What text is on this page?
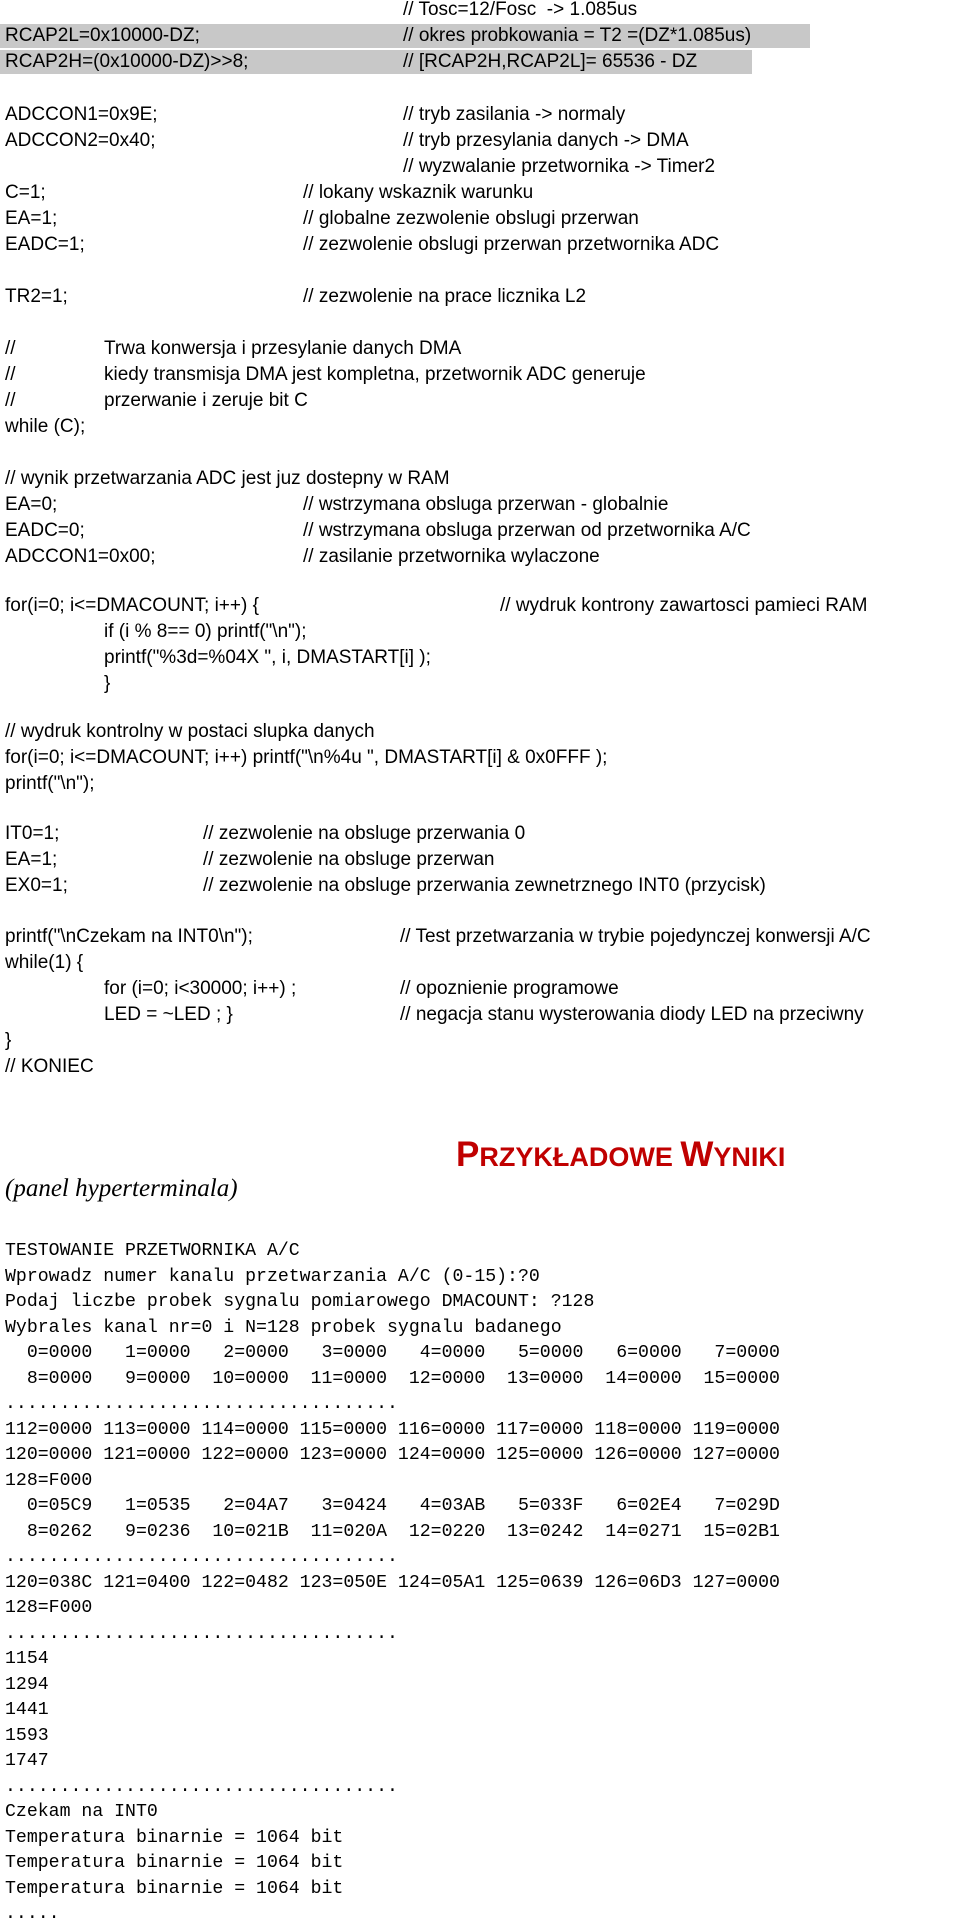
// Tosc=12/Fosc  -> 1.085us
RCAP2L=0x10000-DZ;	// okres probkowania = T2 =(DZ*1.085us)
RCAP2H=(0x10000-DZ)>>8;	// [RCAP2H,RCAP2L]= 65536 - DZ
ADCCON1=0x9E;	// tryb zasilania -> normaly
ADCCON2=0x40;	// tryb przesylania danych -> DMA
// wyzwalanie przetwornika -> Timer2
C=1;	// lokany wskaznik warunku
EA=1;	// globalne zezwolenie obslugi przerwan
EADC=1;	// zezwolenie obslugi przerwan przetwornika ADC
TR2=1;	// zezwolenie na prace licznika L2
//	Trwa konwersja i przesylanie danych DMA
//	kiedy transmisja DMA jest kompletna, przetwornik ADC generuje
//	przerwanie i zeruje bit C
while (C);
// wynik przetwarzania ADC jest juz dostepny w RAM
EA=0;	// wstrzymana obsluga przerwan - globalnie
EADC=0;	// wstrzymana obsluga przerwan od przetwornika A/C
ADCCON1=0x00;	// zasilanie przetwornika wylaczone
for(i=0; i<=DMACOUNT; i++) {	// wydruk kontrony zawartosci pamieci RAM
if (i % 8== 0) printf("\n");
printf("%3d=%04X ", i, DMASTART[i] );
}
// wydruk kontrolny w postaci slupka danych
for(i=0; i<=DMACOUNT; i++) printf("\n%4u ", DMASTART[i] & 0x0FFF );
printf("\n");
IT0=1;	// zezwolenie na obsluge przerwania 0
EA=1;	// zezwolenie na obsluge przerwan
EX0=1;	// zezwolenie na obsluge przerwania zewnetrznego INT0 (przycisk)
printf("\nCzekam na INT0\n");	// Test przetwarzania w trybie pojedynczej konwersji A/C
while(1) {
for (i=0; i<30000; i++) ;	// opoznienie programowe
LED = ~LED ; }	// negacja stanu wysterowania diody LED na przeciwny
}
// KONIEC
PRZYKŁADOWE WYNIKI
(panel hyperterminala)
TESTOWANIE PRZETWORNIKA A/C
Wprowadz numer kanalu przetwarzania A/C (0-15):?0
Podaj liczbe probek sygnalu pomiarowego DMACOUNT: ?128
Wybrales kanal nr=0 i N=128 probek sygnalu badanego
0=0000   1=0000   2=0000   3=0000   4=0000   5=0000   6=0000   7=0000
8=0000   9=0000  10=0000  11=0000  12=0000  13=0000  14=0000  15=0000
....................................
112=0000 113=0000 114=0000 115=0000 116=0000 117=0000 118=0000 119=0000
120=0000 121=0000 122=0000 123=0000 124=0000 125=0000 126=0000 127=0000
128=F000
0=05C9   1=0535   2=04A7   3=0424   4=03AB   5=033F   6=02E4   7=029D
8=0262   9=0236  10=021B  11=020A  12=0220  13=0242  14=0271  15=02B1
....................................
120=038C 121=0400 122=0482 123=050E 124=05A1 125=0639 126=06D3 127=0000
128=F000
....................................
1154
1294
1441
1593
1747
....................................
Czekam na INT0
Temperatura binarnie = 1064 bit
Temperatura binarnie = 1064 bit
Temperatura binarnie = 1064 bit
.....
